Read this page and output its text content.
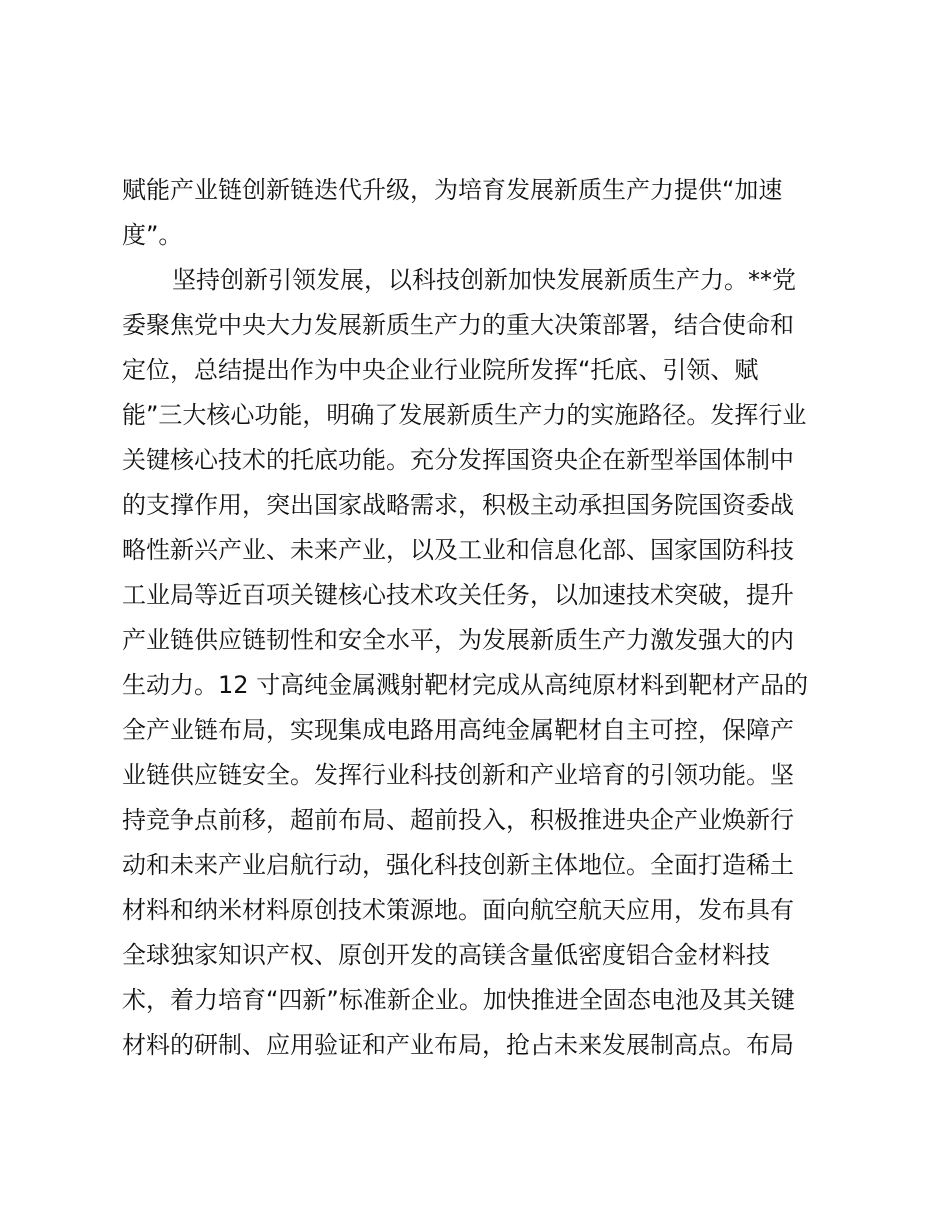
赋能产业链创新链迭代升级，为培育发展新质生产力提供“加速
度”。
坚持创新引领发展，以科技创新加快发展新质生产力。**党
委聚焦党中央大力发展新质生产力的重大决策部署，结合使命和
定位，总结提出作为中央企业行业院所发挥“托底、引领、赋
能”三大核心功能，明确了发展新质生产力的实施路径。发挥行业
关键核心技术的托底功能。充分发挥国资央企在新型举国体制中
的支撑作用，突出国家战略需求，积极主动承担国务院国资委战
略性新兴产业、未来产业，以及工业和信息化部、国家国防科技
工业局等近百项关键核心技术攻关任务，以加速技术突破，提升
产业链供应链韧性和安全水平，为发展新质生产力激发强大的内
生动力。12 寸高纯金属溅射靶材完成从高纯原材料到靶材产品的
全产业链布局，实现集成电路用高纯金属靶材自主可控，保障产
业链供应链安全。发挥行业科技创新和产业培育的引领功能。坚
持竞争点前移，超前布局、超前投入，积极推进央企产业焕新行
动和未来产业启航行动，强化科技创新主体地位。全面打造稀土
材料和纳米材料原创技术策源地。面向航空航天应用，发布具有
全球独家知识产权、原创开发的高镁含量低密度铝合金材料技
术，着力培育“四新”标准新企业。加快推进全固态电池及其关键
材料的研制、应用验证和产业布局，抢占未来发展制高点。布局
